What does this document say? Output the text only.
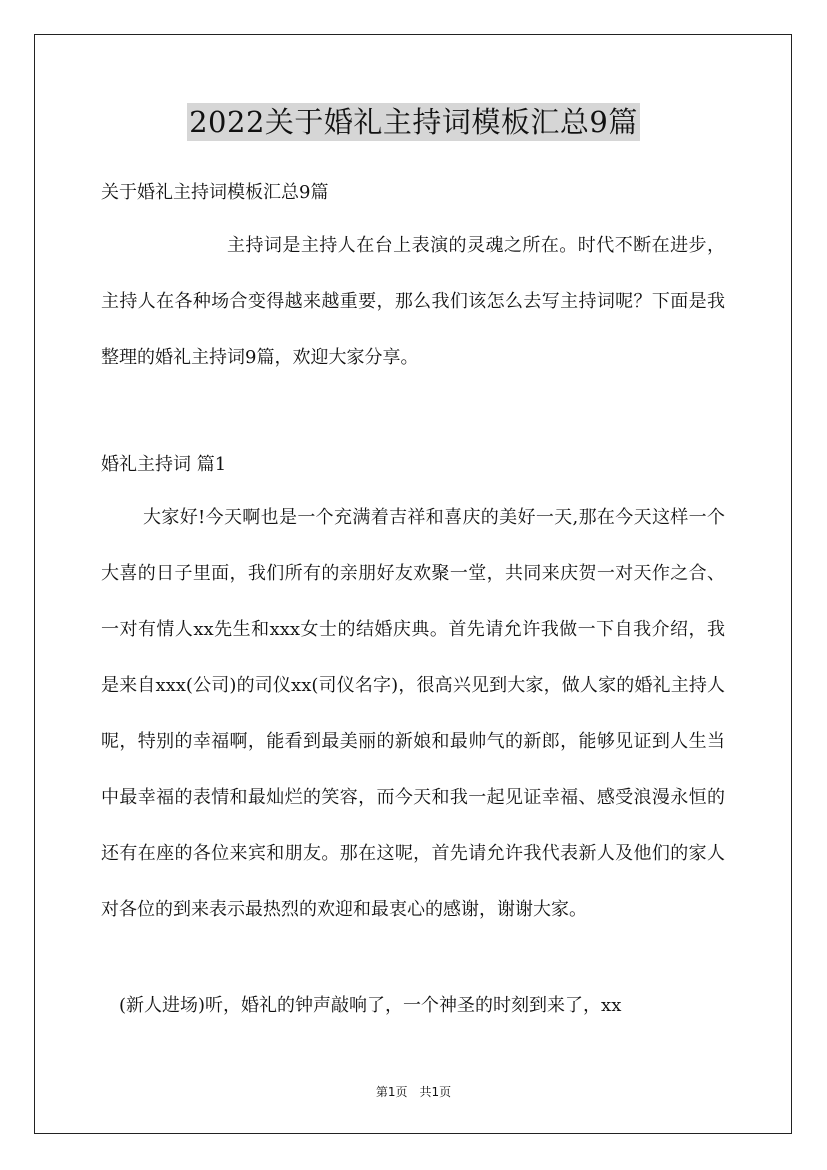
2022关于婚礼主持词模板汇总9篇
关于婚礼主持词模板汇总9篇

主持词是主持人在台上表演的灵魂之所在。时代不断在进步，主持人在各种场合变得越来越重要，那么我们该怎么去写主持词呢？下面是我整理的婚礼主持词9篇，欢迎大家分享。

婚礼主持词 篇1

大家好!今天啊也是一个充满着吉祥和喜庆的美好一天,那在今天这样一个大喜的日子里面，我们所有的亲朋好友欢聚一堂，共同来庆贺一对天作之合、一对有情人xx先生和xxx女士的结婚庆典。首先请允许我做一下自我介绍，我是来自xxx(公司)的司仪xx(司仪名字)，很高兴见到大家，做人家的婚礼主持人呢，特别的幸福啊，能看到最美丽的新娘和最帅气的新郎，能够见证到人生当中最幸福的表情和最灿烂的笑容，而今天和我一起见证幸福、感受浪漫永恒的还有在座的各位来宾和朋友。那在这呢，首先请允许我代表新人及他们的家人对各位的到来表示最热烈的欢迎和最衷心的感谢，谢谢大家。

(新人进场)听，婚礼的钟声敲响了，一个神圣的时刻到来了，xx

第1页　共1页
